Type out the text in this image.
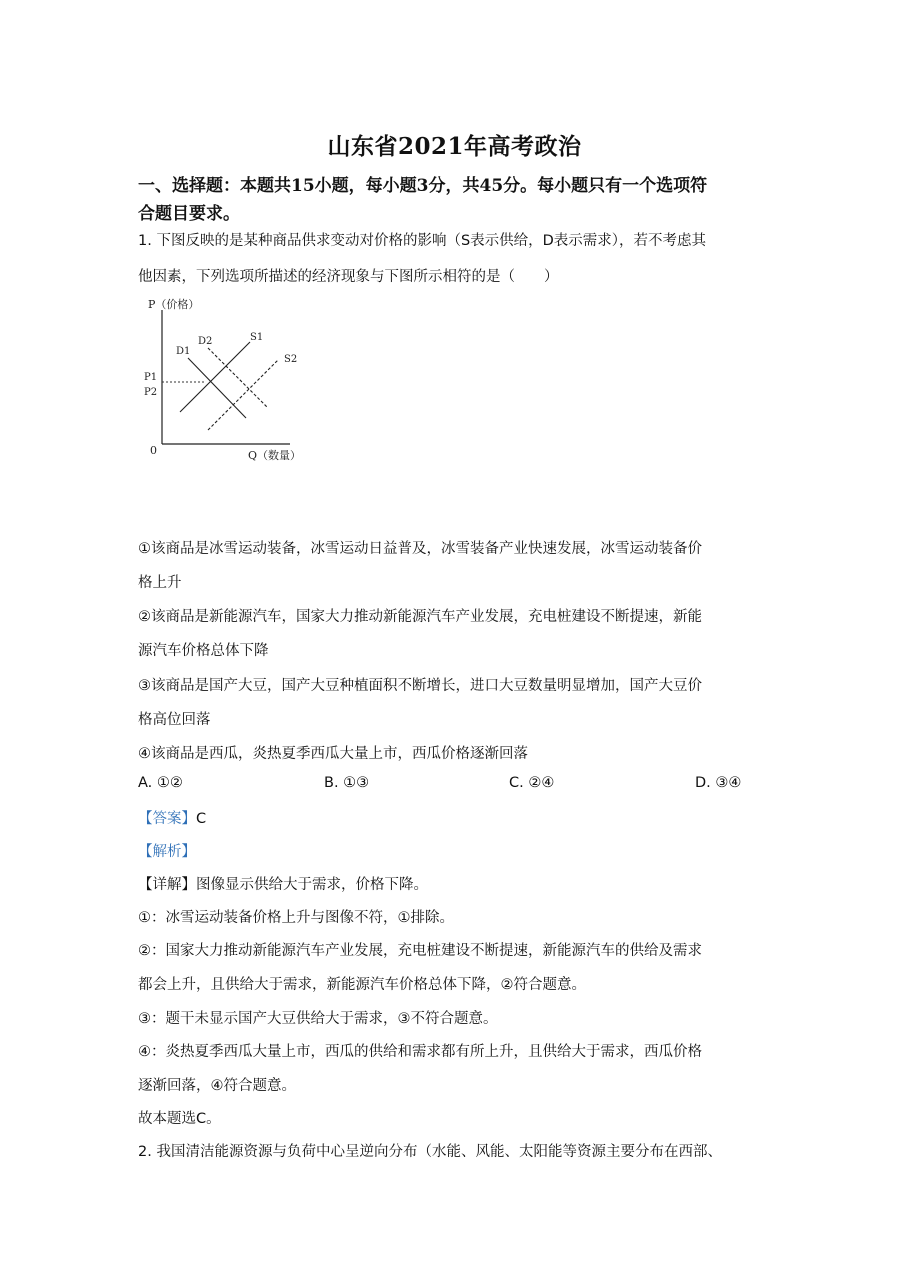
山东省2021年高考政治
一、选择题：本题共15小题，每小题3分，共45分。每小题只有一个选项符
合题目要求。
1. 下图反映的是某种商品供求变动对价格的影响（S表示供给，D表示需求），若不考虑其
他因素，下列选项所描述的经济现象与下图所示相符的是（　　）
P（价格）
Q（数量）
0
D1
D2	S1
S2
P1
P2
①该商品是冰雪运动装备，冰雪运动日益普及，冰雪装备产业快速发展，冰雪运动装备价
格上升
②该商品是新能源汽车，国家大力推动新能源汽车产业发展，充电桩建设不断提速，新能
源汽车价格总体下降
③该商品是国产大豆，国产大豆种植面积不断增长，进口大豆数量明显增加，国产大豆价
格高位回落
④该商品是西瓜，炎热夏季西瓜大量上市，西瓜价格逐渐回落
A. ①②	B. ①③	C. ②④	D. ③④
【答案】C
【解析】
【详解】图像显示供给大于需求，价格下降。
①：冰雪运动装备价格上升与图像不符，①排除。
②：国家大力推动新能源汽车产业发展，充电桩建设不断提速，新能源汽车的供给及需求
都会上升，且供给大于需求，新能源汽车价格总体下降，②符合题意。
③：题干未显示国产大豆供给大于需求，③不符合题意。
④：炎热夏季西瓜大量上市，西瓜的供给和需求都有所上升，且供给大于需求，西瓜价格
逐渐回落，④符合题意。
故本题选C。
2. 我国清洁能源资源与负荷中心呈逆向分布（水能、风能、太阳能等资源主要分布在西部、
